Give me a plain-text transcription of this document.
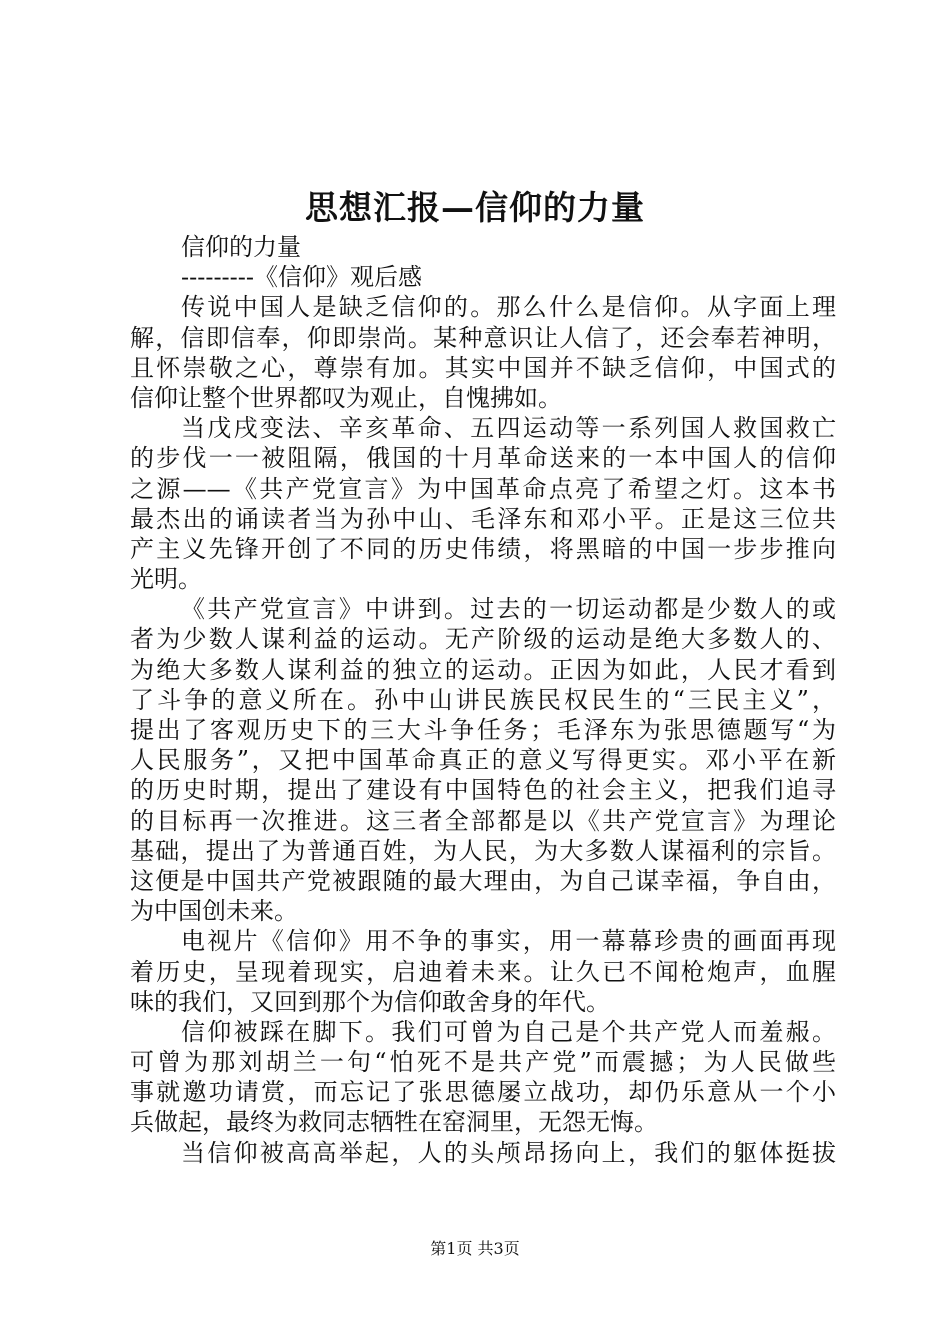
思想汇报—信仰的力量
信仰的力量
---------《信仰》观后感
传说中国人是缺乏信仰的。那么什么是信仰。从字面上理
解，信即信奉，仰即崇尚。某种意识让人信了，还会奉若神明，
且怀崇敬之心，尊崇有加。其实中国并不缺乏信仰，中国式的
信仰让整个世界都叹为观止，自愧拂如。
当戊戌变法、辛亥革命、五四运动等一系列国人救国救亡
的步伐一一被阻隔，俄国的十月革命送来的一本中国人的信仰
之源——《共产党宣言》为中国革命点亮了希望之灯。这本书
最杰出的诵读者当为孙中山、毛泽东和邓小平。正是这三位共
产主义先锋开创了不同的历史伟绩，将黑暗的中国一步步推向
光明。
《共产党宣言》中讲到。过去的一切运动都是少数人的或
者为少数人谋利益的运动。无产阶级的运动是绝大多数人的、
为绝大多数人谋利益的独立的运动。正因为如此，人民才看到
了斗争的意义所在。孙中山讲民族民权民生的“三民主义”，
提出了客观历史下的三大斗争任务；毛泽东为张思德题写“为
人民服务”，又把中国革命真正的意义写得更实。邓小平在新
的历史时期，提出了建设有中国特色的社会主义，把我们追寻
的目标再一次推进。这三者全部都是以《共产党宣言》为理论
基础，提出了为普通百姓，为人民，为大多数人谋福利的宗旨。
这便是中国共产党被跟随的最大理由，为自己谋幸福，争自由，
为中国创未来。
电视片《信仰》用不争的事实，用一幕幕珍贵的画面再现
着历史，呈现着现实，启迪着未来。让久已不闻枪炮声，血腥
味的我们，又回到那个为信仰敢舍身的年代。
信仰被踩在脚下。我们可曾为自己是个共产党人而羞赧。
可曾为那刘胡兰一句“怕死不是共产党”而震撼；为人民做些
事就邀功请赏，而忘记了张思德屡立战功，却仍乐意从一个小
兵做起，最终为救同志牺牲在窑洞里，无怨无悔。
当信仰被高高举起，人的头颅昂扬向上，我们的躯体挺拔
第1页 共3页
